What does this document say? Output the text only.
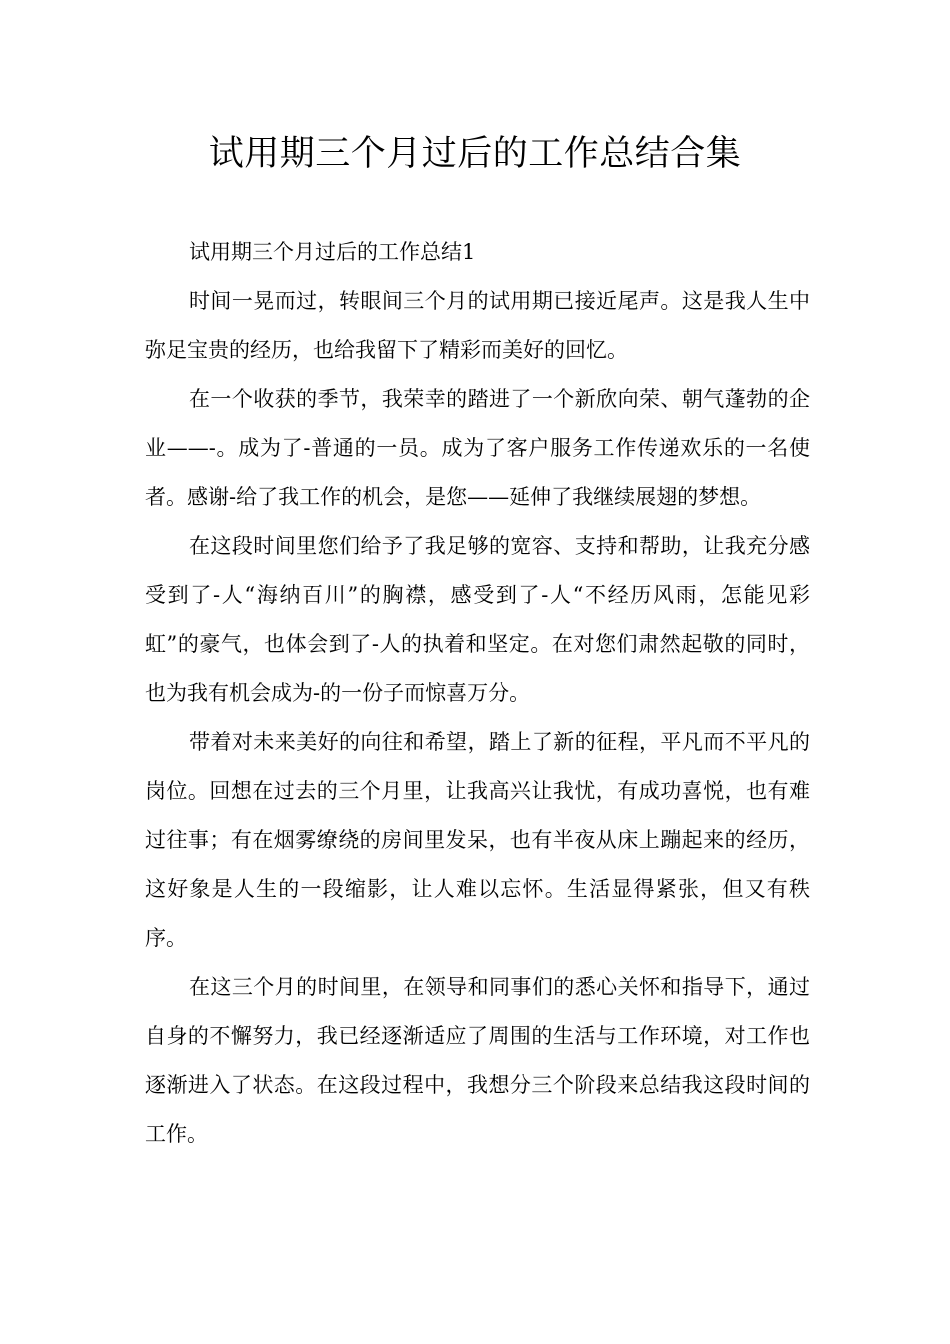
试用期三个月过后的工作总结合集

试用期三个月过后的工作总结1

时间一晃而过，转眼间三个月的试用期已接近尾声。这是我人生中弥足宝贵的经历，也给我留下了精彩而美好的回忆。

在一个收获的季节，我荣幸的踏进了一个新欣向荣、朝气蓬勃的企业——-。成为了-普通的一员。成为了客户服务工作传递欢乐的一名使者。感谢-给了我工作的机会，是您——延伸了我继续展翅的梦想。

在这段时间里您们给予了我足够的宽容、支持和帮助，让我充分感受到了-人“海纳百川”的胸襟，感受到了-人“不经历风雨，怎能见彩虹”的豪气，也体会到了-人的执着和坚定。在对您们肃然起敬的同时，也为我有机会成为-的一份子而惊喜万分。

带着对未来美好的向往和希望，踏上了新的征程，平凡而不平凡的岗位。回想在过去的三个月里，让我高兴让我忧，有成功喜悦，也有难过往事；有在烟雾缭绕的房间里发呆，也有半夜从床上蹦起来的经历，这好象是人生的一段缩影，让人难以忘怀。生活显得紧张，但又有秩序。

在这三个月的时间里，在领导和同事们的悉心关怀和指导下，通过自身的不懈努力，我已经逐渐适应了周围的生活与工作环境，对工作也逐渐进入了状态。在这段过程中，我想分三个阶段来总结我这段时间的工作。
